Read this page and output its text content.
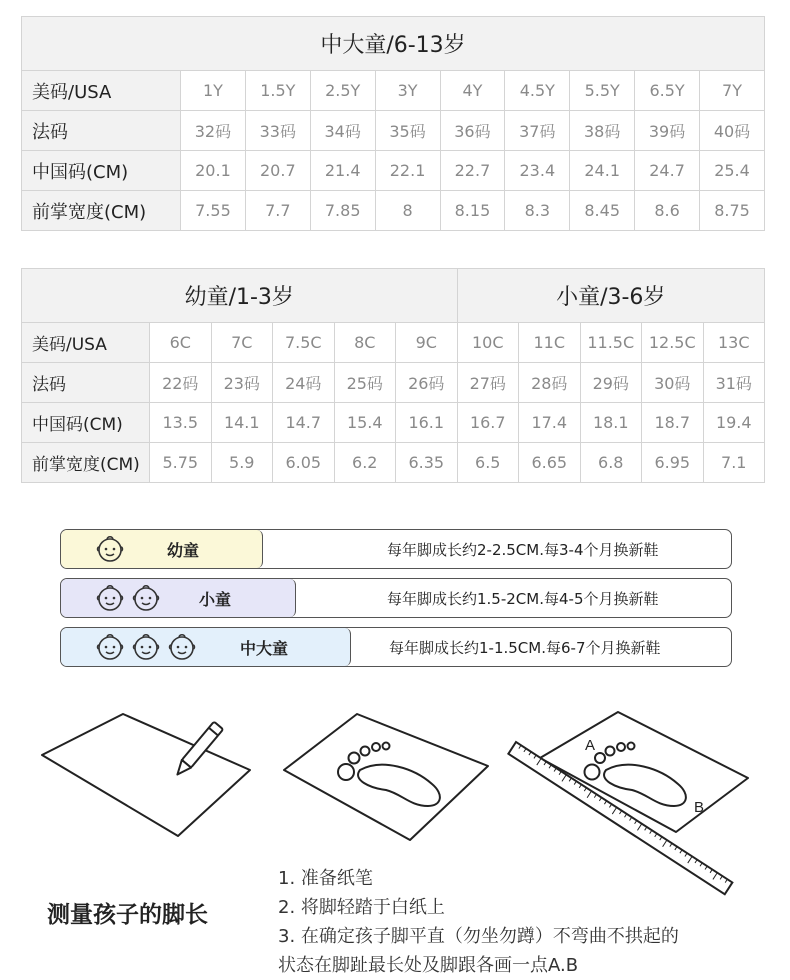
中大童/6-13岁									
美码/USA	1Y	1.5Y	2.5Y	3Y	4Y	4.5Y	5.5Y	6.5Y	7Y
法码	32码	33码	34码	35码	36码	37码	38码	39码	40码
中国码(CM)	20.1	20.7	21.4	22.1	22.7	23.4	24.1	24.7	25.4
前掌宽度(CM)	7.55	7.7	7.85	8	8.15	8.3	8.45	8.6	8.75
幼童/1-3岁						小童/3-6岁				
美码/USA	6C	7C	7.5C	8C	9C	10C	11C	11.5C	12.5C	13C
法码	22码	23码	24码	25码	26码	27码	28码	29码	30码	31码
中国码(CM)	13.5	14.1	14.7	15.4	16.1	16.7	17.4	18.1	18.7	19.4
前掌宽度(CM)	5.75	5.9	6.05	6.2	6.35	6.5	6.65	6.8	6.95	7.1
幼童	每年脚成长约2-2.5CM.每3-4个月换新鞋
小童	每年脚成长约1.5-2CM.每4-5个月换新鞋
中大童	每年脚成长约1-1.5CM.每6-7个月换新鞋
A
B
测量孩子的脚长
1. 准备纸笔
2. 将脚轻踏于白纸上
3. 在确定孩子脚平直（勿坐勿蹲）不弯曲不拱起的
状态在脚趾最长处及脚跟各画一点A.B
